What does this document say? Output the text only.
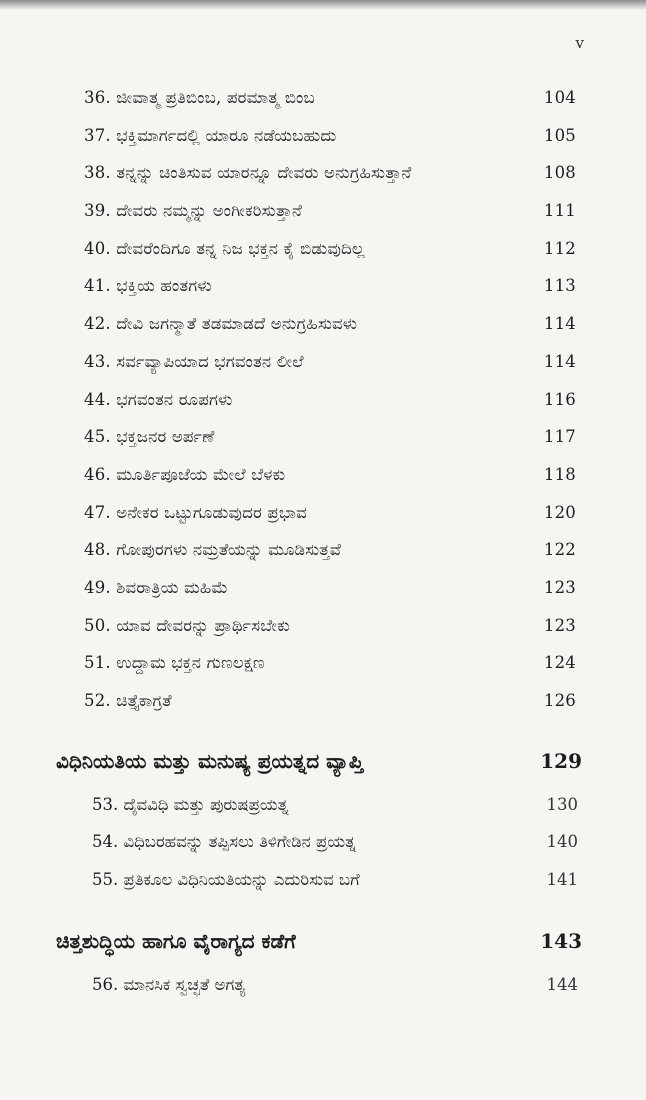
v
36. ಜೀವಾತ್ಮ ಪ್ರತಿಬಿಂಬ, ಪರಮಾತ್ಮ ಬಿಂಬ	104
37. ಭಕ್ತಿಮಾರ್ಗದಲ್ಲಿ ಯಾರೂ ನಡೆಯಬಹುದು	105
38. ತನ್ನನ್ನು ಚಿಂತಿಸುವ ಯಾರನ್ನೂ ದೇವರು ಅನುಗ್ರಹಿಸುತ್ತಾನೆ	108
39. ದೇವರು ನಮ್ಮನ್ನು ಅಂಗೀಕರಿಸುತ್ತಾನೆ	111
40. ದೇವರೆಂದಿಗೂ ತನ್ನ ನಿಜ ಭಕ್ತನ ಕೈ ಬಿಡುವುದಿಲ್ಲ	112
41. ಭಕ್ತಿಯ ಹಂತಗಳು	113
42. ದೇವಿ ಜಗನ್ಮಾತೆ ತಡಮಾಡದೆ ಅನುಗ್ರಹಿಸುವಳು	114
43. ಸರ್ವವ್ಯಾಪಿಯಾದ ಭಗವಂತನ ಲೀಲೆ	114
44. ಭಗವಂತನ ರೂಪಗಳು	116
45. ಭಕ್ತಜನರ ಅರ್ಪಣೆ	117
46. ಮೂರ್ತಿಪೂಜೆಯ ಮೇಲೆ ಬೆಳಕು	118
47. ಅನೇಕರ ಒಟ್ಟುಗೂಡುವುದರ ಪ್ರಭಾವ	120
48. ಗೋಪುರಗಳು ನಮ್ರತೆಯನ್ನು ಮೂಡಿಸುತ್ತವೆ	122
49. ಶಿವರಾತ್ರಿಯ ಮಹಿಮೆ	123
50. ಯಾವ ದೇವರನ್ನು ಪ್ರಾರ್ಥಿಸಬೇಕು	123
51. ಉದ್ದಾಮ ಭಕ್ತನ ಗುಣಲಕ್ಷಣ	124
52. ಚಿತ್ತೈಕಾಗ್ರತೆ	126
ವಿಧಿನಿಯತಿಯ ಮತ್ತು ಮನುಷ್ಯ ಪ್ರಯತ್ನದ ವ್ಯಾಪ್ತಿ	129
53. ದೈವವಿಧಿ ಮತ್ತು ಪುರುಷಪ್ರಯತ್ನ	130
54. ವಿಧಿಬರಹವನ್ನು ತಪ್ಪಿಸಲು ತಿಳಿಗೇಡಿನ ಪ್ರಯತ್ನ	140
55. ಪ್ರತಿಕೂಲ ವಿಧಿನಿಯತಿಯನ್ನು ಎದುರಿಸುವ ಬಗೆ	141
ಚಿತ್ತಶುದ್ಧಿಯ ಹಾಗೂ ವೈರಾಗ್ಯದ ಕಡೆಗೆ	143
56. ಮಾನಸಿಕ ಸ್ವಚ್ಛತೆ ಅಗತ್ಯ	144
